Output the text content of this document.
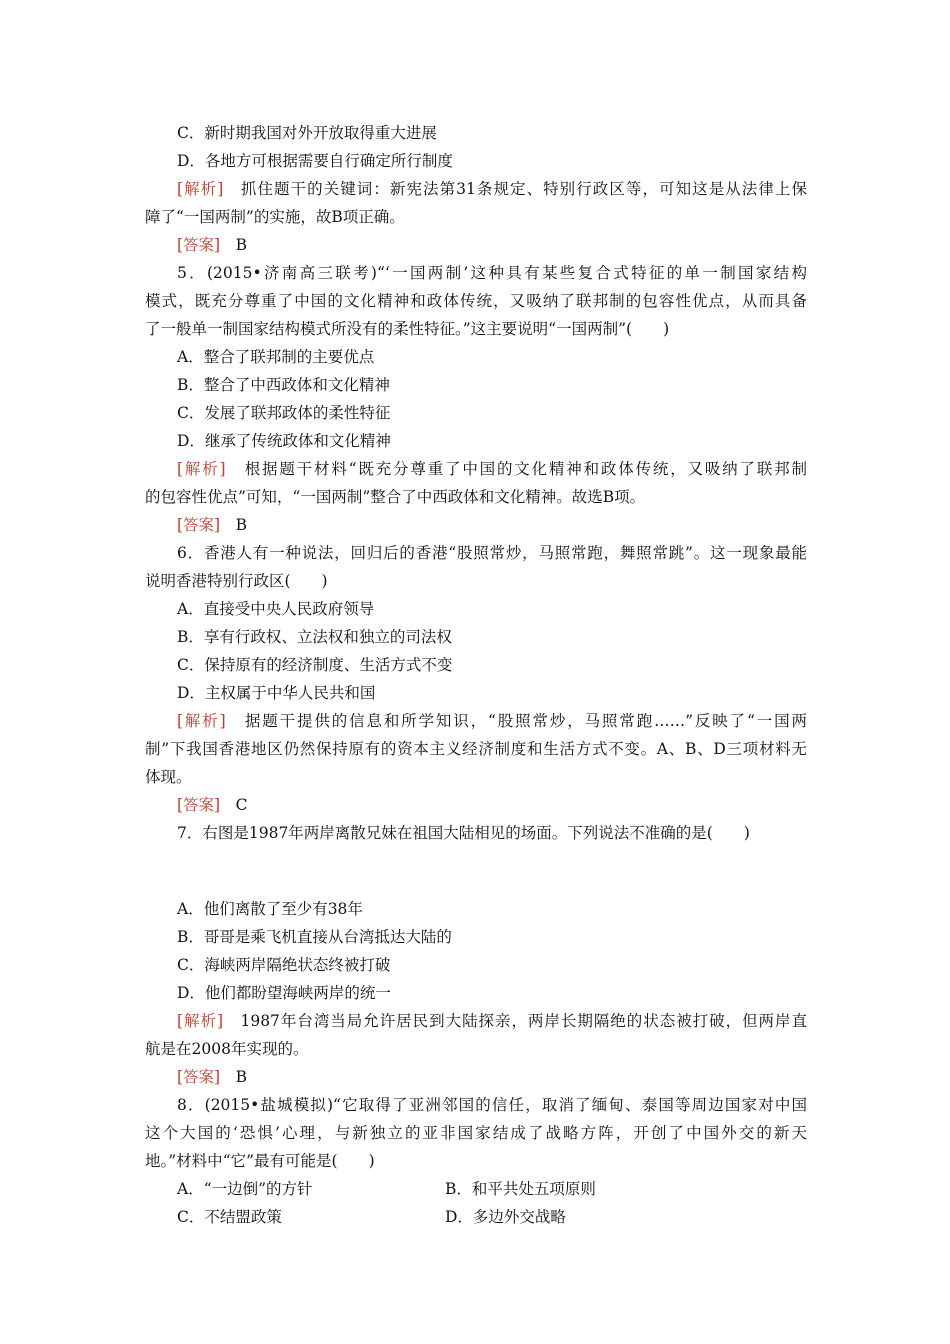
C．新时期我国对外开放取得重大进展
D．各地方可根据需要自行确定所行制度
[解析]　 抓住题干的关键词：新宪法第31条规定、特别行政区等，可知这是从法律上保
障了“一国两制”的实施，故B项正确。
[答案]　 B
5．(2015•济南高三联考)“‘一国两制’这种具有某些复合式特征的单一制国家结构
模式，既充分尊重了中国的文化精神和政体传统，又吸纳了联邦制的包容性优点，从而具备
了一般单一制国家结构模式所没有的柔性特征。”这主要说明“一国两制”(　　)
A．整合了联邦制的主要优点
B．整合了中西政体和文化精神
C．发展了联邦政体的柔性特征
D．继承了传统政体和文化精神
[解析]　 根据题干材料“既充分尊重了中国的文化精神和政体传统，又吸纳了联邦制
的包容性优点”可知，“一国两制”整合了中西政体和文化精神。故选B项。
[答案]　 B
6．香港人有一种说法，回归后的香港“股照常炒，马照常跑，舞照常跳”。这一现象最能
说明香港特别行政区(　　)
A．直接受中央人民政府领导
B．享有行政权、立法权和独立的司法权
C．保持原有的经济制度、生活方式不变
D．主权属于中华人民共和国
[解析]　 据题干提供的信息和所学知识，“股照常炒，马照常跑……”反映了“一国两
制”下我国香港地区仍然保持原有的资本主义经济制度和生活方式不变。A、B、D三项材料无
体现。
[答案]　 C
7．右图是1987年两岸离散兄妹在祖国大陆相见的场面。下列说法不准确的是(　　)
A．他们离散了至少有38年
B．哥哥是乘飞机直接从台湾抵达大陆的
C．海峡两岸隔绝状态终被打破
D．他们都盼望海峡两岸的统一
[解析]　 1987年台湾当局允许居民到大陆探亲，两岸长期隔绝的状态被打破，但两岸直
航是在2008年实现的。
[答案]　 B
8．(2015•盐城模拟)“它取得了亚洲邻国的信任，取消了缅甸、泰国等周边国家对中国
这个大国的‘恐惧’心理，与新独立的亚非国家结成了战略方阵，开创了中国外交的新天
地。”材料中“它”最有可能是(　　)
A．“一边倒”的方针	B．和平共处五项原则
C．不结盟政策	D．多边外交战略
